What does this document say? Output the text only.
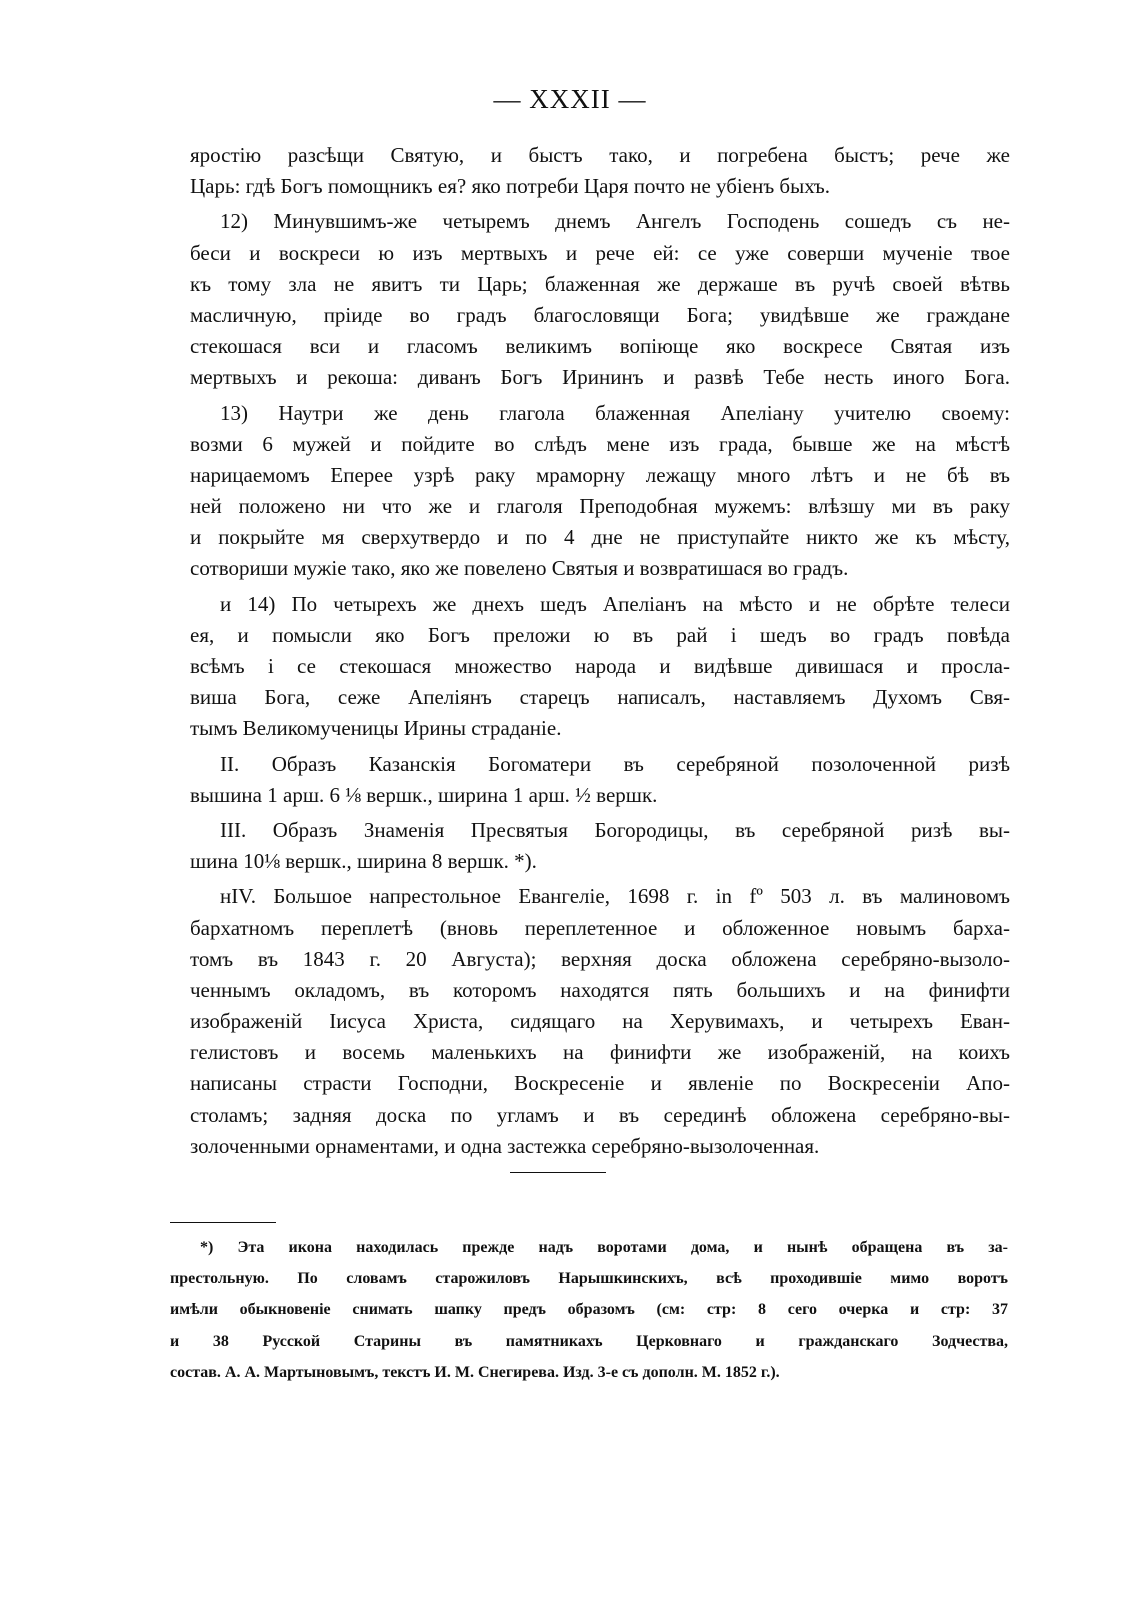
— XXXII —
яростію разсѣщи Святую, и быстъ тако, и погребена быстъ; рече же
Царь: гдѣ Богъ помощникъ ея? яко потреби Царя почто не убіенъ быхъ.
12) Минувшимъ-же четыремъ днемъ Ангелъ Господень сошедъ съ не-
беси и воскреси ю изъ мертвыхъ и рече ей: се уже соверши мученіе твое
къ тому зла не явитъ ти Царь; блаженная же держаше въ ручѣ своей вѣтвь
масличную, пріиде во градъ благословящи Бога; увидѣвше же граждане
стекошася вси и гласомъ великимъ вопіюще яко воскресе Святая изъ
мертвыхъ и рекоша: диванъ Богъ Ирининъ и развѣ Тебе несть иного Бога.
13) Наутри же день глагола блаженная Апеліану учителю своему:
возми 6 мужей и пойдите во слѣдъ мене изъ града, бывше же на мѣстѣ
нарицаемомъ Еперее узрѣ раку мраморну лежащу много лѣтъ и не бѣ въ
ней положено ни что же и глаголя Преподобная мужемъ: влѣзшу ми въ раку
и покрыйте мя сверхутвердо и по 4 дне не приступайте никто же къ мѣсту,
сотвориши мужіе тако, яко же повелено Святыя и возвратишася во градъ.
и 14) По четырехъ же днехъ шедъ Апеліанъ на мѣсто и не обрѣте телеси
ея, и помысли яко Богъ преложи ю въ рай і шедъ во градъ повѣда
всѣмъ і се стекошася множество народа и видѣвше дивишася и просла-
виша Бога, сеже Апеліянъ старецъ написалъ, наставляемъ Духомъ Свя-
тымъ Великомученицы Ирины страданіе.
II. Образъ Казанскія Богоматери въ серебряной позолоченной ризѣ
вышина 1 арш. 6 ⅛ вершк., ширина 1 арш. ½ вершк.
III. Образъ Знаменія Пресвятыя Богородицы, въ серебряной ризѣ вы-
шина 10⅛ вершк., ширина 8 вершк. *).
нIV. Большое напрестольное Евангеліе, 1698 г. in fº 503 л. въ малиновомъ
бархатномъ переплетѣ (вновь переплетенное и обложенное новымъ барха-
томъ въ 1843 г. 20 Августа); верхняя доска обложена серебряно-вызоло-
ченнымъ окладомъ, въ которомъ находятся пять большихъ и на финифти
изображеній Іисуса Христа, сидящаго на Херувимахъ, и четырехъ Еван-
гелистовъ и восемь маленькихъ на финифти же изображеній, на коихъ
написаны страсти Господни, Воскресеніе и явленіе по Воскресеніи Апо-
столамъ; задняя доска по угламъ и въ серединѣ обложена серебряно-вы-
золоченными орнаментами, и одна застежка серебряно-вызолоченная.
*) Эта икона находилась прежде надъ воротами дома, и нынѣ обращена въ за-
престольную. По словамъ старожиловъ Нарышкинскихъ, всѣ проходившіе мимо воротъ
имѣли обыкновеніе снимать шапку предъ образомъ (см: стр: 8 сего очерка и стр: 37
и 38 Русской Старины въ памятникахъ Церковнаго и гражданскаго Зодчества,
состав. А. А. Мартыновымъ, текстъ И. М. Снегирева. Изд. 3-е съ дополн. М. 1852 г.).
